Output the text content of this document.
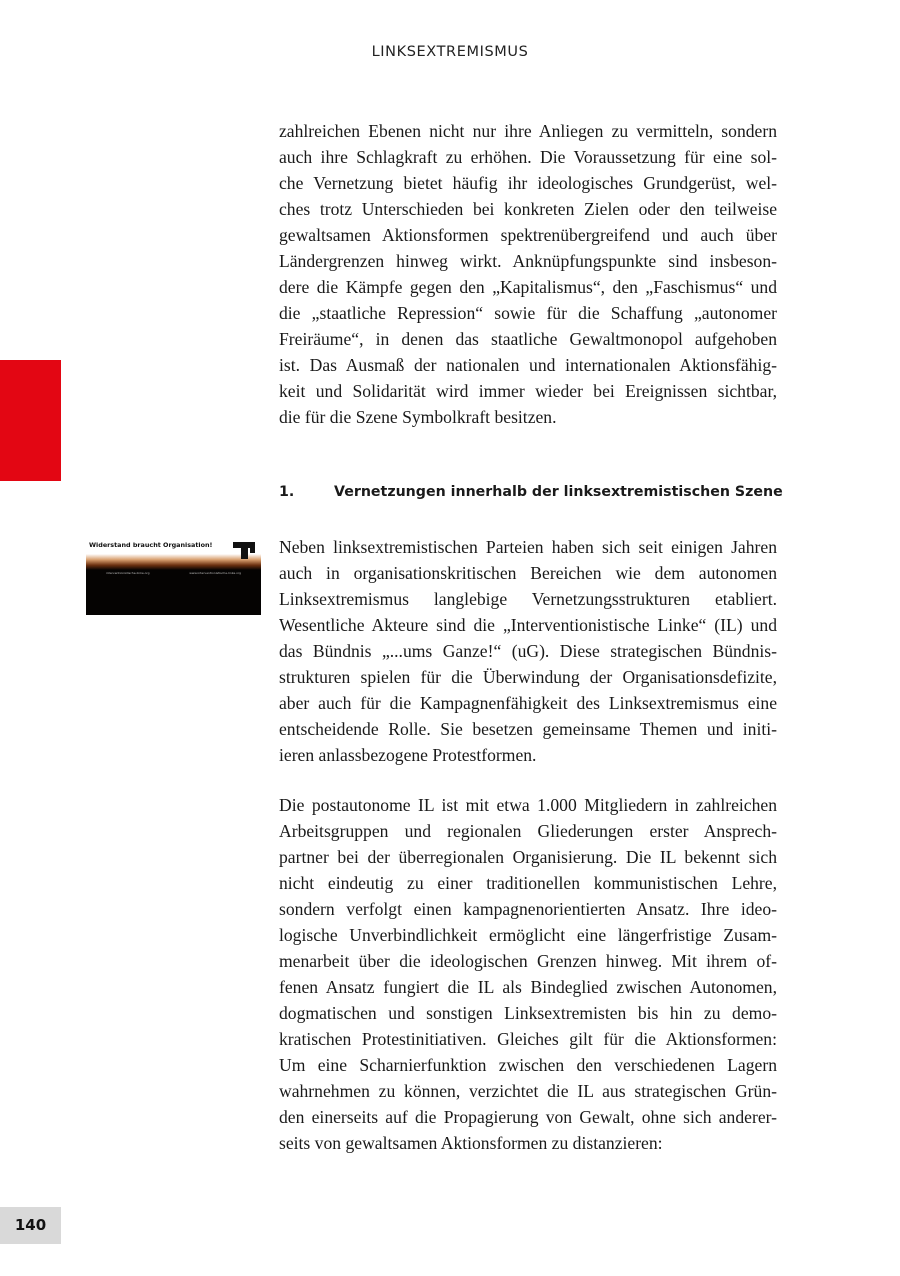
LINKSEXTREMISMUS
zahlreichen Ebenen nicht nur ihre Anliegen zu vermitteln, sondern
auch ihre Schlagkraft zu erhöhen. Die Voraussetzung für eine sol-
che Vernetzung bietet häufig ihr ideologisches Grundgerüst, wel-
ches trotz Unterschieden bei konkreten Zielen oder den teilweise
gewaltsamen Aktionsformen spektrenübergreifend und auch über
Ländergrenzen hinweg wirkt. Anknüpfungspunkte sind insbeson-
dere die Kämpfe gegen den „Kapitalismus“, den „Faschismus“ und
die „staatliche Repression“ sowie für die Schaffung „autonomer
Freiräume“, in denen das staatliche Gewaltmonopol aufgehoben
ist. Das Ausmaß der nationalen und internationalen Aktionsfähig-
keit und Solidarität wird immer wieder bei Ereignissen sichtbar,
die für die Szene Symbolkraft besitzen.
1.	Vernetzungen innerhalb der linksextremistischen Szene
Widerstand braucht Organisation!
interventionistische-linke.org	www.interventionistische-linke.org
Neben linksextremistischen Parteien haben sich seit einigen Jahren
auch in organisationskritischen Bereichen wie dem autonomen
Linksextremismus langlebige Vernetzungsstrukturen etabliert.
Wesentliche Akteure sind die „Interventionistische Linke“ (IL) und
das Bündnis „...ums Ganze!“ (uG). Diese strategischen Bündnis-
strukturen spielen für die Überwindung der Organisationsdefizite,
aber auch für die Kampagnenfähigkeit des Linksextremismus eine
entscheidende Rolle. Sie besetzen gemeinsame Themen und initi-
ieren anlassbezogene Protestformen.
Die postautonome IL ist mit etwa 1.000 Mitgliedern in zahlreichen
Arbeitsgruppen und regionalen Gliederungen erster Ansprech-
partner bei der überregionalen Organisierung. Die IL bekennt sich
nicht eindeutig zu einer traditionellen kommunistischen Lehre,
sondern verfolgt einen kampagnenorientierten Ansatz. Ihre ideo-
logische Unverbindlichkeit ermöglicht eine längerfristige Zusam-
menarbeit über die ideologischen Grenzen hinweg. Mit ihrem of-
fenen Ansatz fungiert die IL als Bindeglied zwischen Autonomen,
dogmatischen und sonstigen Linksextremisten bis hin zu demo-
kratischen Protestinitiativen. Gleiches gilt für die Aktionsformen:
Um eine Scharnierfunktion zwischen den verschiedenen Lagern
wahrnehmen zu können, verzichtet die IL aus strategischen Grün-
den einerseits auf die Propagierung von Gewalt, ohne sich anderer-
seits von gewaltsamen Aktionsformen zu distanzieren:
140
